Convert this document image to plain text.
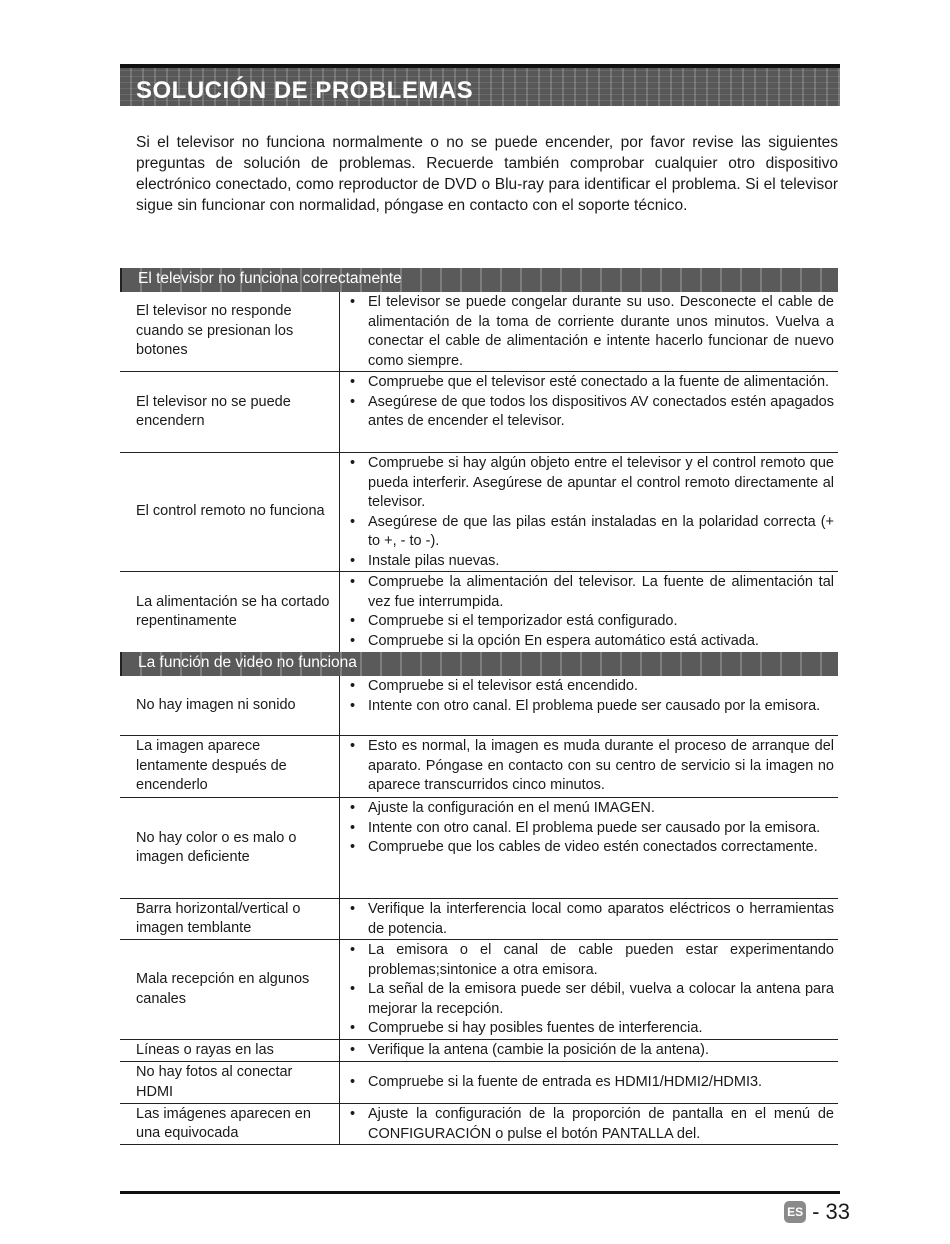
SOLUCIÓN DE PROBLEMAS

Si el televisor no funciona normalmente o no se puede encender, por favor revise las siguientes preguntas de solución de problemas. Recuerde también comprobar cualquier otro dispositivo electrónico conectado, como reproductor de DVD o Blu-ray para identificar el problema. Si el televisor sigue sin funcionar con normalidad, póngase en contacto con el soporte técnico.

El televisor no funciona correctamente
El televisor no responde cuando se presionan los botones
• El televisor se puede congelar durante su uso. Desconecte el cable de alimentación de la toma de corriente durante unos minutos. Vuelva a conectar el cable de alimentación e intente hacerlo funcionar de nuevo como siempre.
El televisor no se puede encendern
• Compruebe que el televisor esté conectado a la fuente de alimentación.
• Asegúrese de que todos los dispositivos AV conectados estén apagados antes de encender el televisor.
El control remoto no funciona
• Compruebe si hay algún objeto entre el televisor y el control remoto que pueda interferir. Asegúrese de apuntar el control remoto directamente al televisor.
• Asegúrese de que las pilas están instaladas en la polaridad correcta (+ to +, - to -).
• Instale pilas nuevas.
La alimentación se ha cortado repentinamente
• Compruebe la alimentación del televisor. La fuente de alimentación tal vez fue interrumpida.
• Compruebe si el temporizador está configurado.
• Compruebe si la opción En espera automático está activada.
La función de video no funciona
No hay imagen ni sonido
• Compruebe si el televisor está encendido.
• Intente con otro canal. El problema puede ser causado por la emisora.
La imagen aparece lentamente después de encenderlo
• Esto es normal, la imagen es muda durante el proceso de arranque del aparato. Póngase en contacto con su centro de servicio si la imagen no aparece transcurridos cinco minutos.
No hay color o es malo o imagen deficiente
• Ajuste la configuración en el menú IMAGEN.
• Intente con otro canal. El problema puede ser causado por la emisora.
• Compruebe que los cables de video estén conectados correctamente.
Barra horizontal/vertical o imagen temblante
• Verifique la interferencia local como aparatos eléctricos o herramientas de potencia.
Mala recepción en algunos canales
• La emisora o el canal de cable pueden estar experimentando problemas;sintonice a otra emisora.
• La señal de la emisora puede ser débil, vuelva a colocar la antena para mejorar la recepción.
• Compruebe si hay posibles fuentes de interferencia.
Líneas o rayas en las
•	Verifique la antena (cambie la posición de la antena).
No hay fotos al conectar HDMI
• Compruebe si la fuente de entrada es HDMI1/HDMI2/HDMI3.
Las imágenes aparecen en una equivocada
• Ajuste la configuración de la proporción de pantalla en el menú de CONFIGURACIÓN o pulse el botón PANTALLA del.
ES - 33
